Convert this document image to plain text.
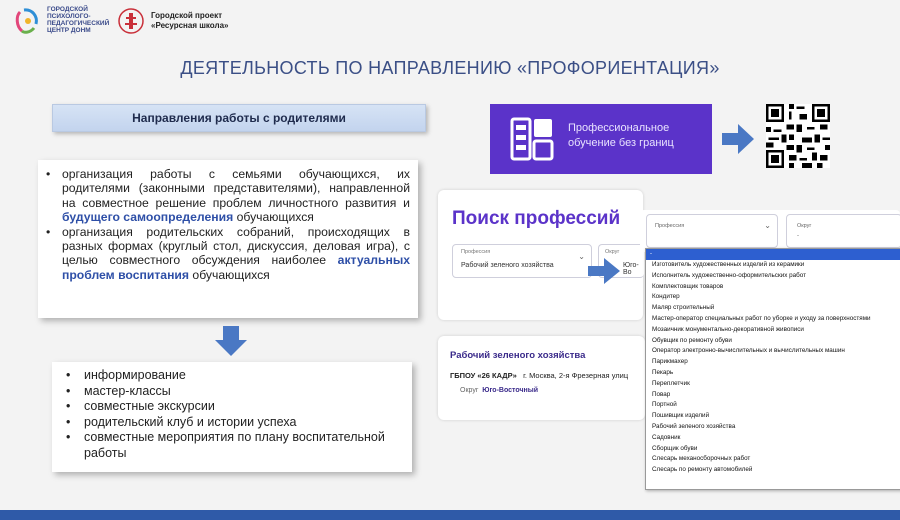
ГОРОДСКОЙ
ПСИХОЛОГО-
ПЕДАГОГИЧЕСКИЙ
ЦЕНТР ДОНМ
Городской проект
«Ресурсная школа»
ДЕЯТЕЛЬНОСТЬ ПО НАПРАВЛЕНИЮ «ПРОФОРИЕНТАЦИЯ»
Направления работы с родителями
• организация работы с семьями обучающихся, их родителями (законными представителями), направленной на совместное решение проблем личностного развития и будущего самоопределения обучающихся
• организация родительских собраний, происходящих в разных формах (круглый стол, дискуссия, деловая игра), с целью совместного обсуждения наиболее актуальных проблем воспитания обучающихся
• информирование
• мастер-классы
• совместные экскурсии
• родительский клуб и истории успеха
• совместные мероприятия по плану воспитательной работы
Профессиональное
обучение без границ
Поиск профессий
Профессия
Рабочий зеленого хозяйства
⌄	Округ
Юго-Во
Рабочий зеленого хозяйства
ГБПОУ «26 КАДР» г. Москва, 2-я Фрезерная улиц
Округ Юго-Восточный
Профессия	⌄	Округ
-
-
Изготовитель художественных изделий из керамики
Исполнитель художественно-оформительских работ
Комплектовщик товаров
Кондитер
Маляр строительный
Мастер-оператор специальных работ по уборке и уходу за поверхностями
Мозаичник монументально-декоративной живописи
Обувщик по ремонту обуви
Оператор электронно-вычислительных и вычислительных машин
Парикмахер
Пекарь
Переплетчик
Повар
Портной
Пошивщик изделий
Рабочий зеленого хозяйства
Садовник
Сборщик обуви
Слесарь механосборочных работ
Слесарь по ремонту автомобилей
